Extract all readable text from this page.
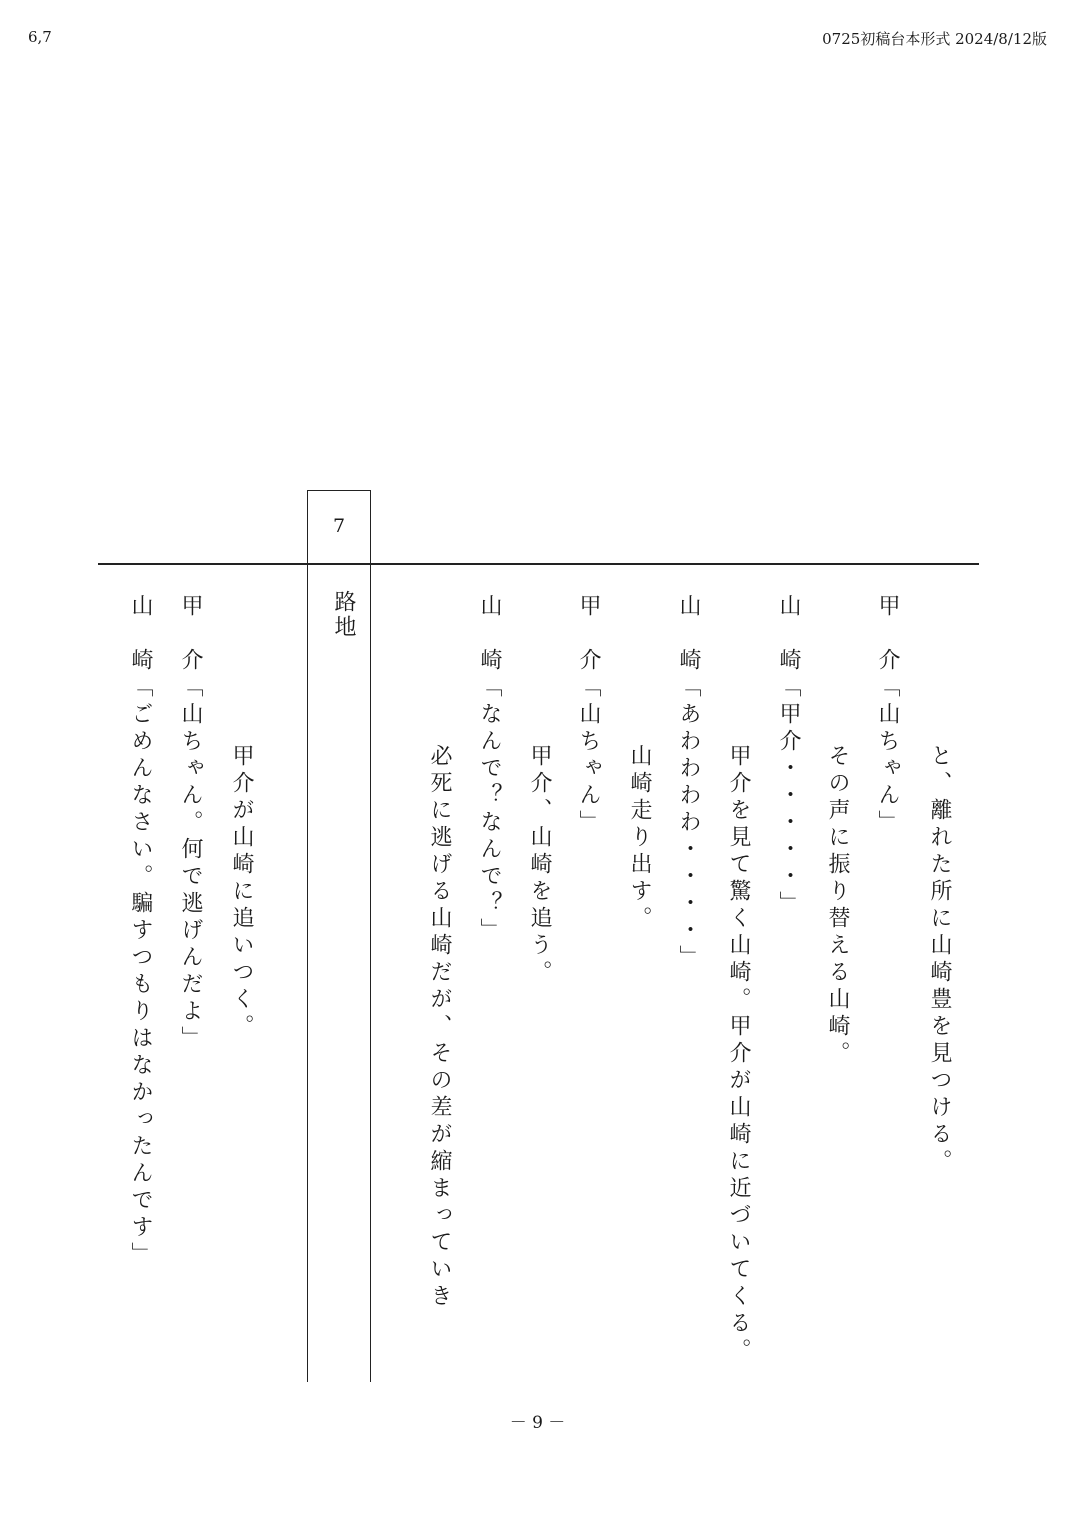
6,7	0725初稿台本形式 2024/8/12版
7
路地	甲　介「山ちゃん」 と、離れた所に山崎豊を見つける。
その声に振り替える山崎。
山　崎「甲介・・・・・」
甲介を見て驚く山崎。甲介が山崎に近づいてくる。
山　崎「あわわわわ・・・・」
山崎走り出す。
甲　介「山ちゃん」
甲介、山崎を追う。
山　崎「なんで？なんで？」
必死に逃げる山崎だが、その差が縮まっていき
甲介が山崎に追いつく。
甲　介「山ちゃん。何で逃げんだよ」
山　崎「ごめんなさい。騙すつもりはなかったんです」
－ 9 －
